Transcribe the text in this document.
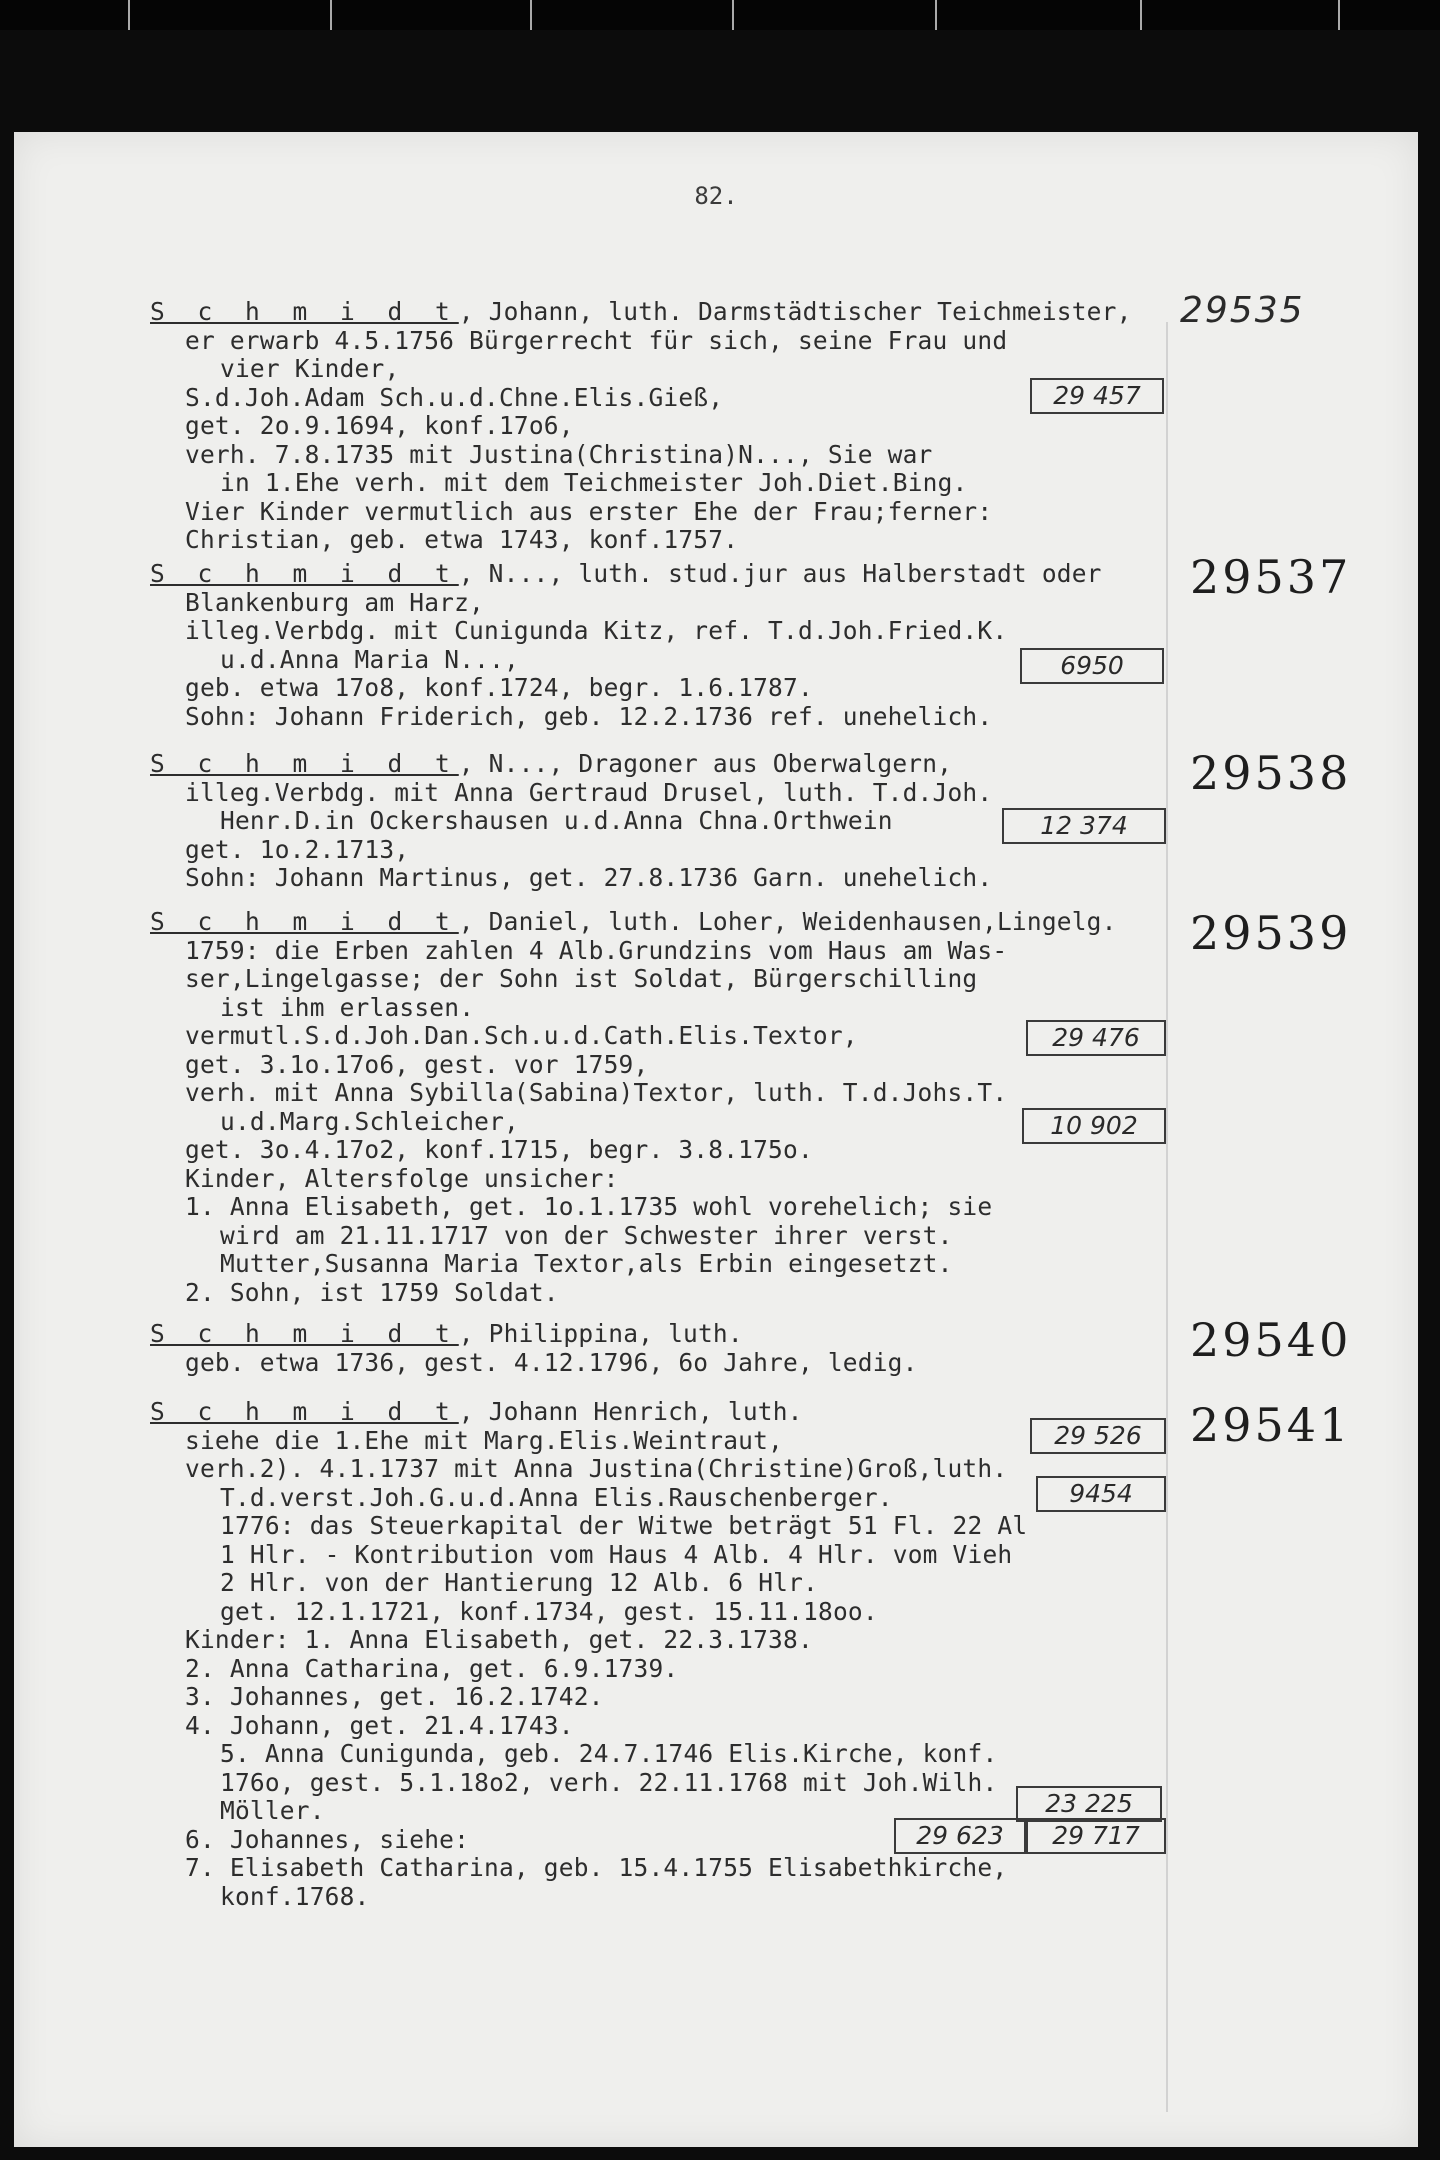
82.
S c h m i d t, Johann, luth. Darmstädtischer Teichmeister,
er erwarb 4.5.1756 Bürgerrecht für sich, seine Frau und
vier Kinder,
S.d.Joh.Adam Sch.u.d.Chne.Elis.Gieß,
get. 2o.9.1694, konf.17o6,
verh. 7.8.1735 mit Justina(Christina)N..., Sie war
in 1.Ehe verh. mit dem Teichmeister Joh.Diet.Bing.
Vier Kinder vermutlich aus erster Ehe der Frau;ferner:
Christian, geb. etwa 1743, konf.1757.
S c h m i d t, N..., luth. stud.jur aus Halberstadt oder
Blankenburg am Harz,
illeg.Verbdg. mit Cunigunda Kitz, ref. T.d.Joh.Fried.K.
u.d.Anna Maria N...,
geb. etwa 17o8, konf.1724, begr. 1.6.1787.
Sohn: Johann Friderich, geb. 12.2.1736 ref. unehelich.
S c h m i d t, N..., Dragoner aus Oberwalgern,
illeg.Verbdg. mit Anna Gertraud Drusel, luth. T.d.Joh.
Henr.D.in Ockershausen u.d.Anna Chna.Orthwein
get. 1o.2.1713,
Sohn: Johann Martinus, get. 27.8.1736 Garn. unehelich.
S c h m i d t, Daniel, luth. Loher, Weidenhausen,Lingelg.
1759: die Erben zahlen 4 Alb.Grundzins vom Haus am Was-
ser,Lingelgasse; der Sohn ist Soldat, Bürgerschilling
ist ihm erlassen.
vermutl.S.d.Joh.Dan.Sch.u.d.Cath.Elis.Textor,
get. 3.1o.17o6, gest. vor 1759,
verh. mit Anna Sybilla(Sabina)Textor, luth. T.d.Johs.T.
u.d.Marg.Schleicher,
get. 3o.4.17o2, konf.1715, begr. 3.8.175o.
Kinder, Altersfolge unsicher:
1. Anna Elisabeth, get. 1o.1.1735 wohl vorehelich; sie
wird am 21.11.1717 von der Schwester ihrer verst.
Mutter,Susanna Maria Textor,als Erbin eingesetzt.
2. Sohn, ist 1759 Soldat.
S c h m i d t, Philippina, luth.
geb. etwa 1736, gest. 4.12.1796, 6o Jahre, ledig.
S c h m i d t, Johann Henrich, luth.
siehe die 1.Ehe mit Marg.Elis.Weintraut,
verh.2). 4.1.1737 mit Anna Justina(Christine)Groß,luth.
T.d.verst.Joh.G.u.d.Anna Elis.Rauschenberger.
1776: das Steuerkapital der Witwe beträgt 51 Fl. 22 Al
1 Hlr. - Kontribution vom Haus 4 Alb. 4 Hlr. vom Vieh
2 Hlr. von der Hantierung 12 Alb. 6 Hlr.
get. 12.1.1721, konf.1734, gest. 15.11.18oo.
Kinder: 1. Anna Elisabeth, get. 22.3.1738.
2. Anna Catharina, get. 6.9.1739.
3. Johannes, get. 16.2.1742.
4. Johann, get. 21.4.1743.
5. Anna Cunigunda, geb. 24.7.1746 Elis.Kirche, konf.
176o, gest. 5.1.18o2, verh. 22.11.1768 mit Joh.Wilh.
Möller.
6. Johannes, siehe:
7. Elisabeth Catharina, geb. 15.4.1755 Elisabethkirche,
konf.1768.
29535
29 457
29537
6950
29538
12 374
29539
29 476
10 902
29540
29541
29 526
9454
23 225
29 623	29 717
